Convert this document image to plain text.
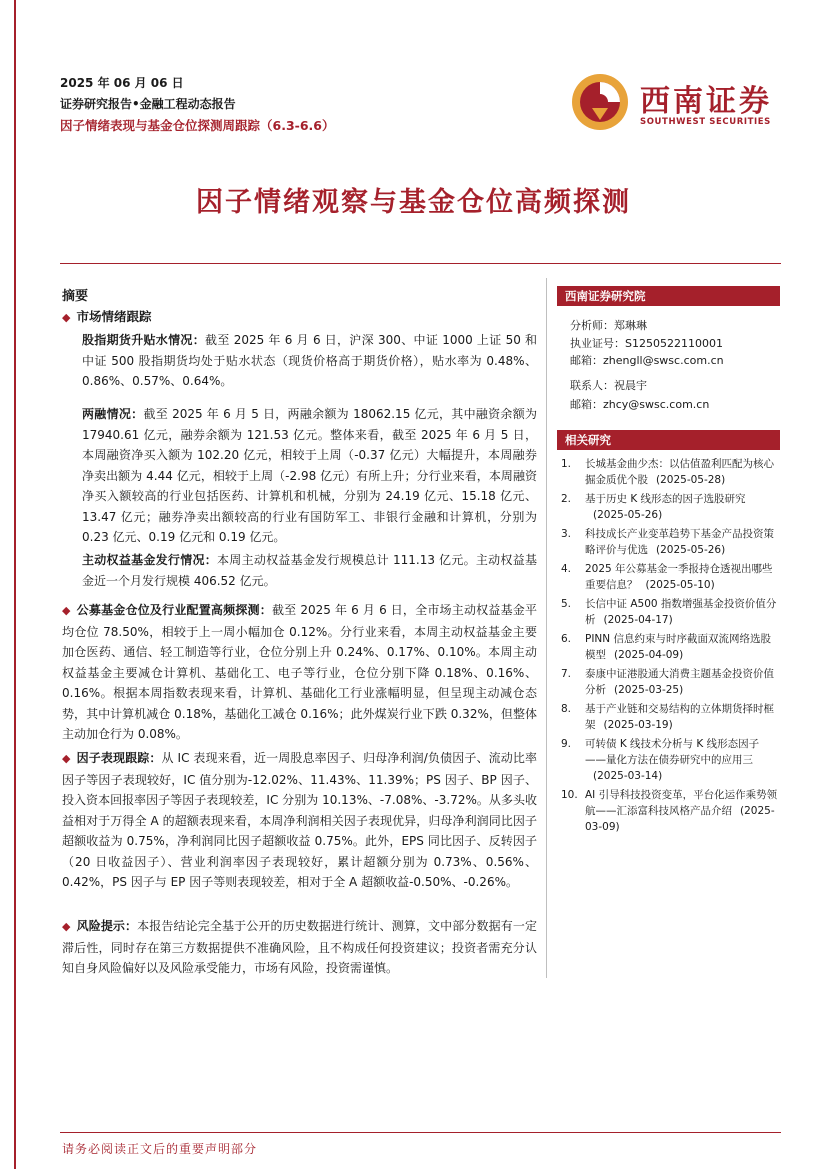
2025 年 06 月 06 日
证券研究报告•金融工程动态报告
因子情绪表现与基金仓位探测周跟踪（6.3-6.6）
西南证券
SOUTHWEST SECURITIES
因子情绪观察与基金仓位高频探测
摘要
◆ 市场情绪跟踪
股指期货升贴水情况：截至 2025 年 6 月 6 日，沪深 300、中证 1000 上证 50 和中证 500 股指期货均处于贴水状态（现货价格高于期货价格），贴水率为 0.48%、0.86%、0.57%、0.64%。
两融情况：截至 2025 年 6 月 5 日，两融余额为 18062.15 亿元，其中融资余额为 17940.61 亿元，融券余额为 121.53 亿元。整体来看，截至 2025 年 6 月 5 日，本周融资净买入额为 102.20 亿元，相较于上周（-0.37 亿元）大幅提升，本周融券净卖出额为 4.44 亿元，相较于上周（-2.98 亿元）有所上升；分行业来看，本周融资净买入额较高的行业包括医药、计算机和机械，分别为 24.19 亿元、15.18 亿元、13.47 亿元；融券净卖出额较高的行业有国防军工、非银行金融和计算机，分别为 0.23 亿元、0.19 亿元和 0.19 亿元。
主动权益基金发行情况：本周主动权益基金发行规模总计 111.13 亿元。主动权益基金近一个月发行规模 406.52 亿元。
◆ 公募基金仓位及行业配置高频探测：截至 2025 年 6 月 6 日，全市场主动权益基金平均仓位 78.50%，相较于上一周小幅加仓 0.12%。分行业来看，本周主动权益基金主要加仓医药、通信、轻工制造等行业，仓位分别上升 0.24%、0.17%、0.10%。本周主动权益基金主要减仓计算机、基础化工、电子等行业，仓位分别下降 0.18%、0.16%、0.16%。根据本周指数表现来看，计算机、基础化工行业涨幅明显，但呈现主动减仓态势，其中计算机减仓 0.18%，基础化工减仓 0.16%；此外煤炭行业下跌 0.32%，但整体主动加仓行为 0.08%。
◆ 因子表现跟踪：从 IC 表现来看，近一周股息率因子、归母净利润/负债因子、流动比率因子等因子表现较好，IC 值分别为-12.02%、11.43%、11.39%；PS 因子、BP 因子、投入资本回报率因子等因子表现较差，IC 分别为 10.13%、-7.08%、-3.72%。从多头收益相对于万得全 A 的超额表现来看，本周净利润相关因子表现优异，归母净利润同比因子超额收益为 0.75%，净利润同比因子超额收益 0.75%。此外，EPS 同比因子、反转因子（20 日收益因子）、营业利润率因子表现较好，累计超额分别为 0.73%、0.56%、0.42%，PS 因子与 EP 因子等则表现较差，相对于全 A 超额收益-0.50%、-0.26%。
◆ 风险提示：本报告结论完全基于公开的历史数据进行统计、测算，文中部分数据有一定滞后性，同时存在第三方数据提供不准确风险，且不构成任何投资建议；投资者需充分认知自身风险偏好以及风险承受能力，市场有风险，投资需谨慎。
西南证券研究院
分析师：郑琳琳
执业证号：S1250522110001
邮箱：zhengll@swsc.com.cn
联系人：祝晨宇
邮箱：zhcy@swsc.com.cn
相关研究
1. 长城基金曲少杰：以估值盈利匹配为核心掘金质优个股 (2025-05-28)
2. 基于历史 K 线形态的因子选股研究(2025-05-26)
3. 科技成长产业变革趋势下基金产品投资策略评价与优选 (2025-05-26)
4. 2025 年公募基金一季报持仓透视出哪些重要信息？ (2025-05-10)
5. 长信中证 A500 指数增强基金投资价值分析 (2025-04-17)
6. PINN 信息约束与时序截面双流网络选股模型 (2025-04-09)
7. 泰康中证港股通大消费主题基金投资价值分析 (2025-03-25)
8. 基于产业链和交易结构的立体期货择时框架 (2025-03-19)
9. 可转债 K 线技术分析与 K 线形态因子——量化方法在债券研究中的应用三(2025-03-14)
10. AI 引导科技投资变革，平台化运作乘势领航——汇添富科技风格产品介绍 (2025-03-09)
请务必阅读正文后的重要声明部分
